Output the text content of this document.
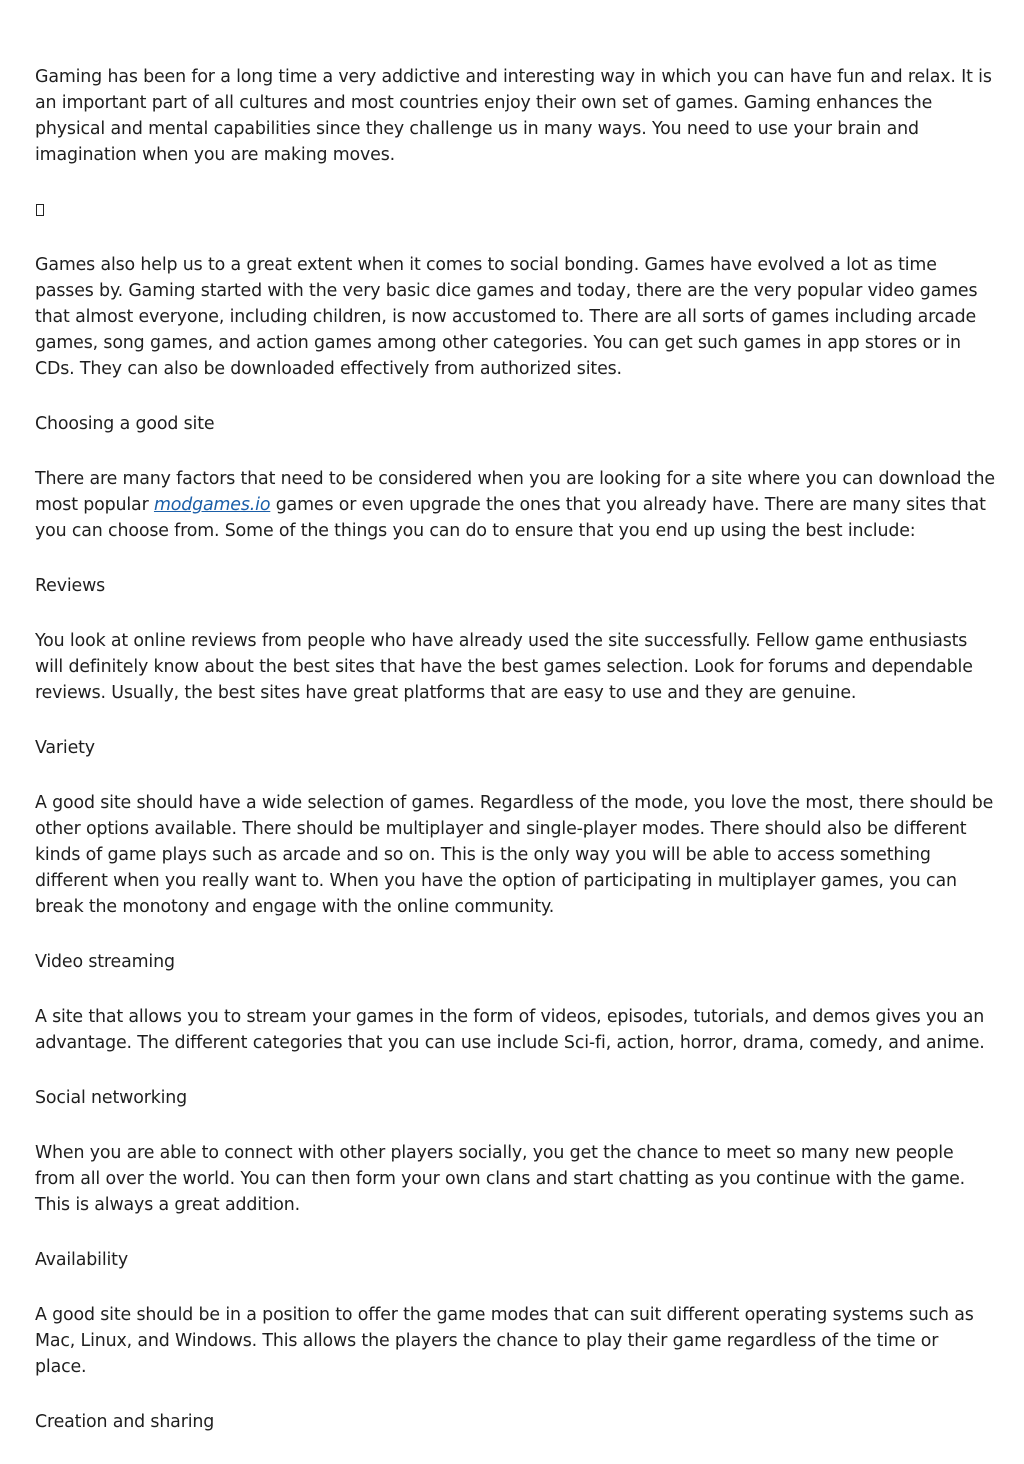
Gaming has been for a long time a very addictive and interesting way in which you can have fun and relax. It is an important part of all cultures and most countries enjoy their own set of games. Gaming enhances the physical and mental capabilities since they challenge us in many ways. You need to use your brain and imagination when you are making moves.

Games also help us to a great extent when it comes to social bonding. Games have evolved a lot as time passes by. Gaming started with the very basic dice games and today, there are the very popular video games that almost everyone, including children, is now accustomed to. There are all sorts of games including arcade games, song games, and action games among other categories. You can get such games in app stores or in CDs. They can also be downloaded effectively from authorized sites.

Choosing a good site

There are many factors that need to be considered when you are looking for a site where you can download the most popular modgames.io games or even upgrade the ones that you already have. There are many sites that you can choose from. Some of the things you can do to ensure that you end up using the best include:

Reviews

You look at online reviews from people who have already used the site successfully. Fellow game enthusiasts will definitely know about the best sites that have the best games selection. Look for forums and dependable reviews. Usually, the best sites have great platforms that are easy to use and they are genuine.

Variety

A good site should have a wide selection of games. Regardless of the mode, you love the most, there should be other options available. There should be multiplayer and single-player modes. There should also be different kinds of game plays such as arcade and so on. This is the only way you will be able to access something different when you really want to. When you have the option of participating in multiplayer games, you can break the monotony and engage with the online community.

Video streaming

A site that allows you to stream your games in the form of videos, episodes, tutorials, and demos gives you an advantage. The different categories that you can use include Sci-fi, action, horror, drama, comedy, and anime.

Social networking

When you are able to connect with other players socially, you get the chance to meet so many new people from all over the world. You can then form your own clans and start chatting as you continue with the game. This is always a great addition.

Availability

A good site should be in a position to offer the game modes that can suit different operating systems such as Mac, Linux, and Windows. This allows the players the chance to play their game regardless of the time or place.

Creation and sharing
